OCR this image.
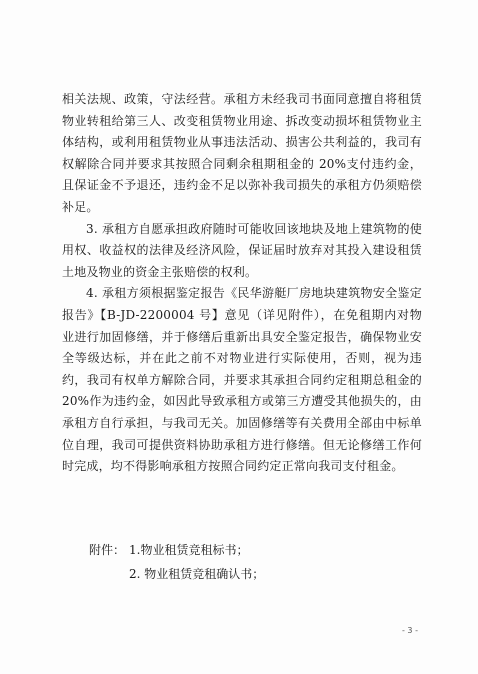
相关法规、政策，守法经营。承租方未经我司书面同意擅自将租赁物业转租给第三人、改变租赁物业用途、拆改变动损坏租赁物业主体结构，或利用租赁物业从事违法活动、损害公共利益的，我司有权解除合同并要求其按照合同剩余租期租金的 20%支付违约金，且保证金不予退还，违约金不足以弥补我司损失的承租方仍须赔偿补足。

3. 承租方自愿承担政府随时可能收回该地块及地上建筑物的使用权、收益权的法律及经济风险，保证届时放弃对其投入建设租赁土地及物业的资金主张赔偿的权利。

4. 承租方须根据鉴定报告《民华游艇厂房地块建筑物安全鉴定报告》【B-JD-2200004 号】意见（详见附件），在免租期内对物业进行加固修缮，并于修缮后重新出具安全鉴定报告，确保物业安全等级达标，并在此之前不对物业进行实际使用，否则，视为违约，我司有权单方解除合同，并要求其承担合同约定租期总租金的 20%作为违约金，如因此导致承租方或第三方遭受其他损失的，由承租方自行承担，与我司无关。加固修缮等有关费用全部由中标单位自理，我司可提供资料协助承租方进行修缮。但无论修缮工作何时完成，均不得影响承租方按照合同约定正常向我司支付租金。

附件： 1.物业租赁竞租标书；
2. 物业租赁竞租确认书；
- 3 -
